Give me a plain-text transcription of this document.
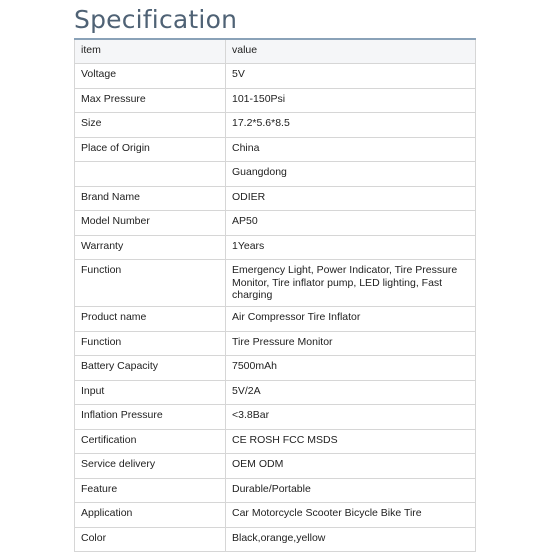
Specification
item	value
Voltage	5V
Max Pressure	101-150Psi
Size	17.2*5.6*8.5
Place of Origin	China
	Guangdong
Brand Name	ODIER
Model Number	AP50
Warranty	1Years
Function	Emergency Light, Power Indicator, Tire Pressure Monitor, Tire inflator pump, LED lighting, Fast charging
Product name	Air Compressor Tire Inflator
Function	Tire Pressure Monitor
Battery Capacity	7500mAh
Input	5V/2A
Inflation Pressure	<3.8Bar
Certification	CE ROSH FCC MSDS
Service delivery	OEM ODM
Feature	Durable/Portable
Application	Car Motorcycle Scooter Bicycle Bike Tire
Color	Black,orange,yellow
